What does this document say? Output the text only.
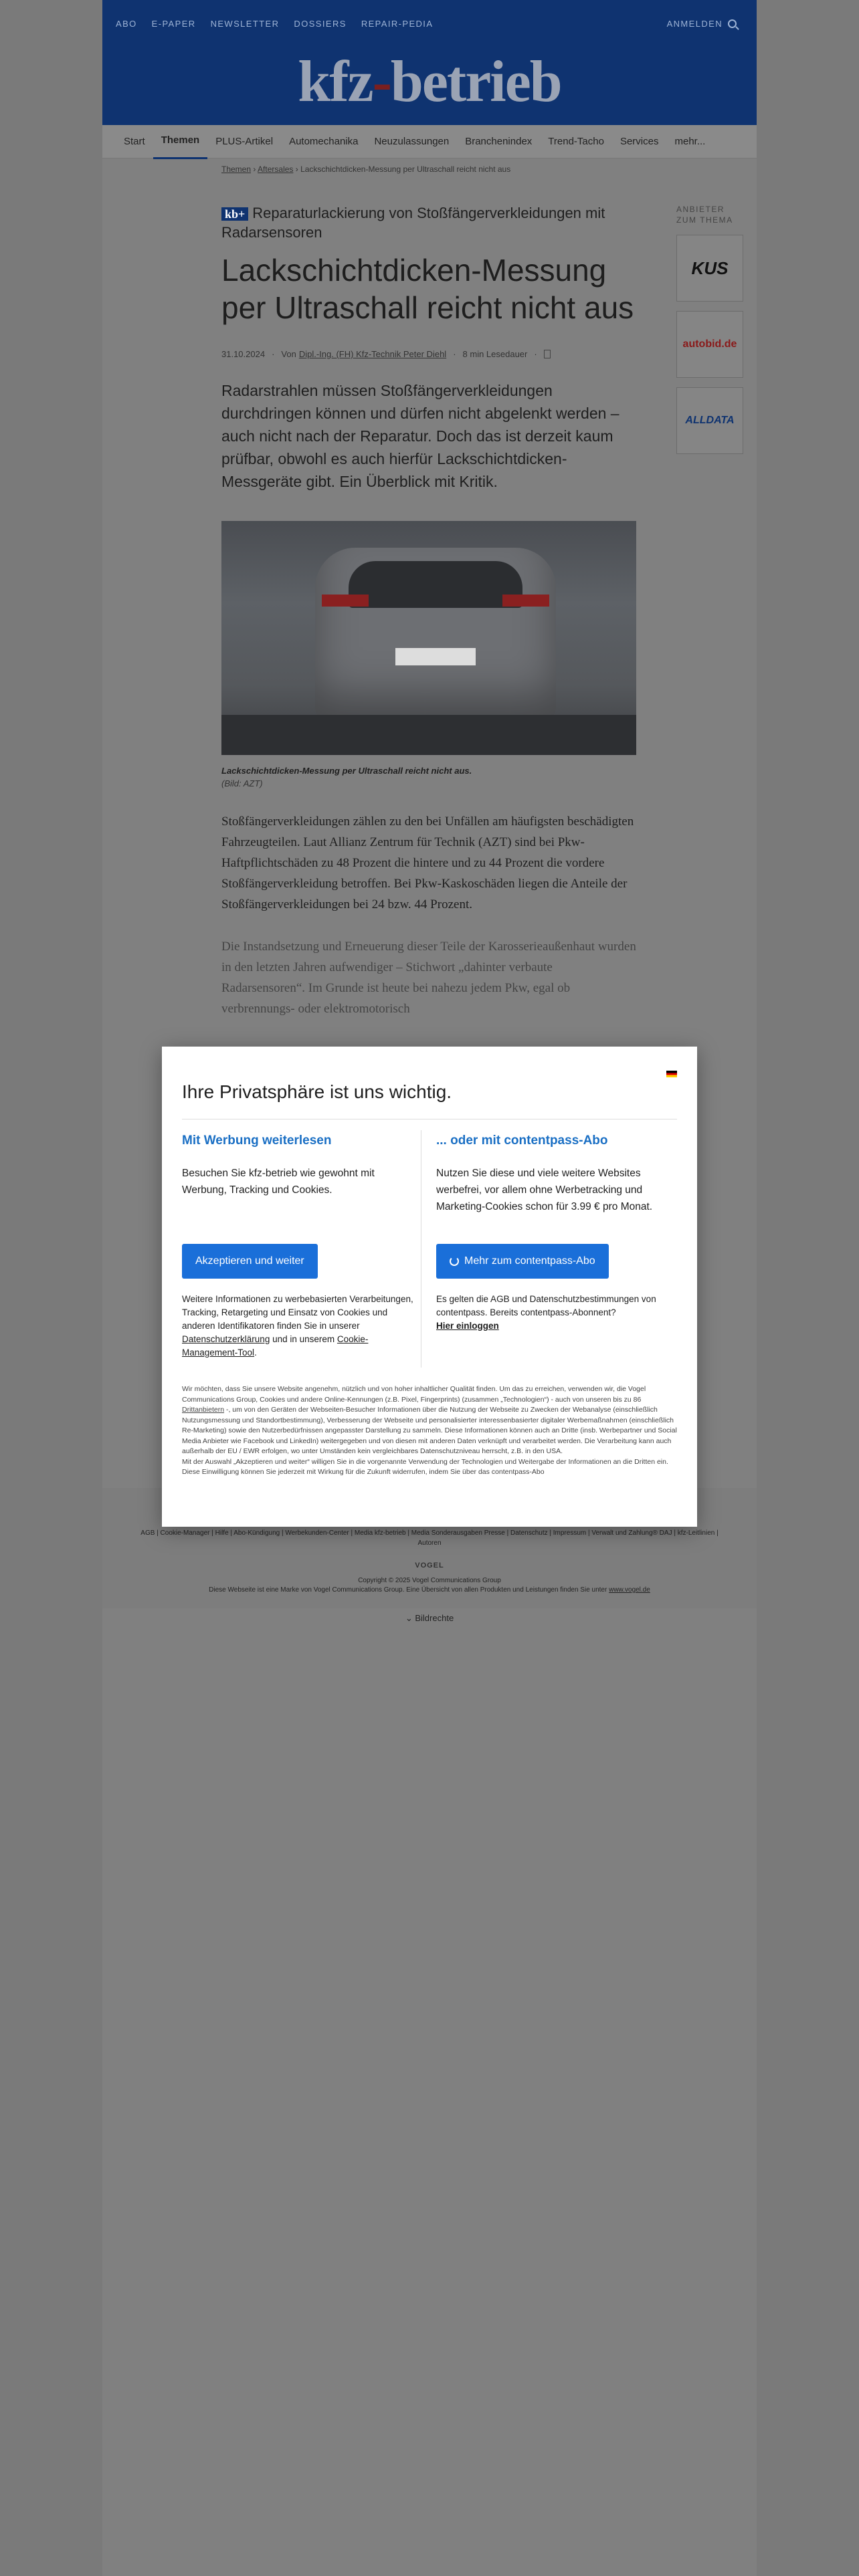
ABO E-PAPER NEWSLETTER DOSSIERS REPAIR-PEDIA	ANMELDEN
kfz-betrieb
Start	Themen	PLUS-Artikel	Automechanika	Neuzulassungen	Branchenindex	Trend-Tacho	Services	mehr...
Themen › Aftersales › Lackschichtdicken-Messung per Ultraschall reicht nicht aus
kb+ Reparaturlackierung von Stoßfängerverkleidungen mit Radarsensoren
Lackschichtdicken-Messung per Ultraschall reicht nicht aus
31.10.2024 · Von Dipl.-Ing. (FH) Kfz-Technik Peter Diehl · 8 min Lesedauer ·

Radarstrahlen müssen Stoßfängerverkleidungen durchdringen können und dürfen nicht abgelenkt werden – auch nicht nach der Reparatur. Doch das ist derzeit kaum prüfbar, obwohl es auch hierfür Lackschichtdicken-Messgeräte gibt. Ein Überblick mit Kritik.

Lackschichtdicken-Messung per Ultraschall reicht nicht aus.
(Bild: AZT)

Stoßfängerverkleidungen zählen zu den bei Unfällen am häufigsten beschädigten Fahrzeugteilen. Laut Allianz Zentrum für Technik (AZT) sind bei Pkw-Haftpflichtschäden zu 48 Prozent die hintere und zu 44 Prozent die vordere Stoßfängerverkleidung betroffen. Bei Pkw-Kaskoschäden liegen die Anteile der Stoßfängerverkleidungen bei 24 bzw. 44 Prozent.

Die Instandsetzung und Erneuerung dieser Teile der Karosserieaußenhaut wurden in den letzten Jahren aufwendiger – Stichwort „dahinter verbaute Radarsensoren“. Im Grunde ist heute bei nahezu jedem Pkw, egal ob verbrennungs- oder elektromotorisch

ANBIETER
ZUM THEMA
KUS
autobid.de
ALLDATA
AGB | Cookie-Manager | Hilfe | Abo-Kündigung | Werbekunden-Center | Media kfz-betrieb | Media Sonderausgaben Presse | Datenschutz | Impressum | Verwalt und Zahlung® DAJ | kfz-Leitlinien | Autoren
VOGEL
Copyright © 2025 Vogel Communications Group
Diese Webseite ist eine Marke von Vogel Communications Group. Eine Übersicht von allen Produkten und Leistungen finden Sie unter www.vogel.de
⌄ Bildrechte
Ihre Privatsphäre ist uns wichtig.
Mit Werbung weiterlesen

Besuchen Sie kfz-betrieb wie gewohnt mit Werbung, Tracking und Cookies.

Akzeptieren und weiter
Weitere Informationen zu werbebasierten Verarbeitungen, Tracking, Retargeting und Einsatz von Cookies und anderen Identifikatoren finden Sie in unserer Datenschutzerklärung und in unserem Cookie-Management-Tool.
... oder mit contentpass-Abo

Nutzen Sie diese und viele weitere Websites werbefrei, vor allem ohne Werbetracking und Marketing-Cookies schon für 3.99 € pro Monat.

Mehr zum contentpass-Abo
Es gelten die AGB und Datenschutzbestimmungen von contentpass. Bereits contentpass-Abonnent?
Hier einloggen

Wir möchten, dass Sie unsere Website angenehm, nützlich und von hoher inhaltlicher Qualität finden. Um das zu erreichen, verwenden wir, die Vogel Communications Group, Cookies und andere Online-Kennungen (z.B. Pixel, Fingerprints) (zusammen „Technologien“) - auch von unseren bis zu 86 Drittanbietern -, um von den Geräten der Webseiten-Besucher Informationen über die Nutzung der Webseite zu Zwecken der Webanalyse (einschließlich Nutzungsmessung und Standortbestimmung), Verbesserung der Webseite und personalisierter interessenbasierter digitaler Werbemaßnahmen (einschließlich Re-Marketing) sowie den Nutzerbedürfnissen angepasster Darstellung zu sammeln. Diese Informationen können auch an Dritte (insb. Werbepartner und Social Media Anbieter wie Facebook und LinkedIn) weitergegeben und von diesen mit anderen Daten verknüpft und verarbeitet werden. Die Verarbeitung kann auch außerhalb der EU / EWR erfolgen, wo unter Umständen kein vergleichbares Datenschutzniveau herrscht, z.B. in den USA.

Mit der Auswahl „Akzeptieren und weiter“ willigen Sie in die vorgenannte Verwendung der Technologien und Weitergabe der Informationen an die Dritten ein. Diese Einwilligung können Sie jederzeit mit Wirkung für die Zukunft widerrufen, indem Sie über das contentpass-Abo
